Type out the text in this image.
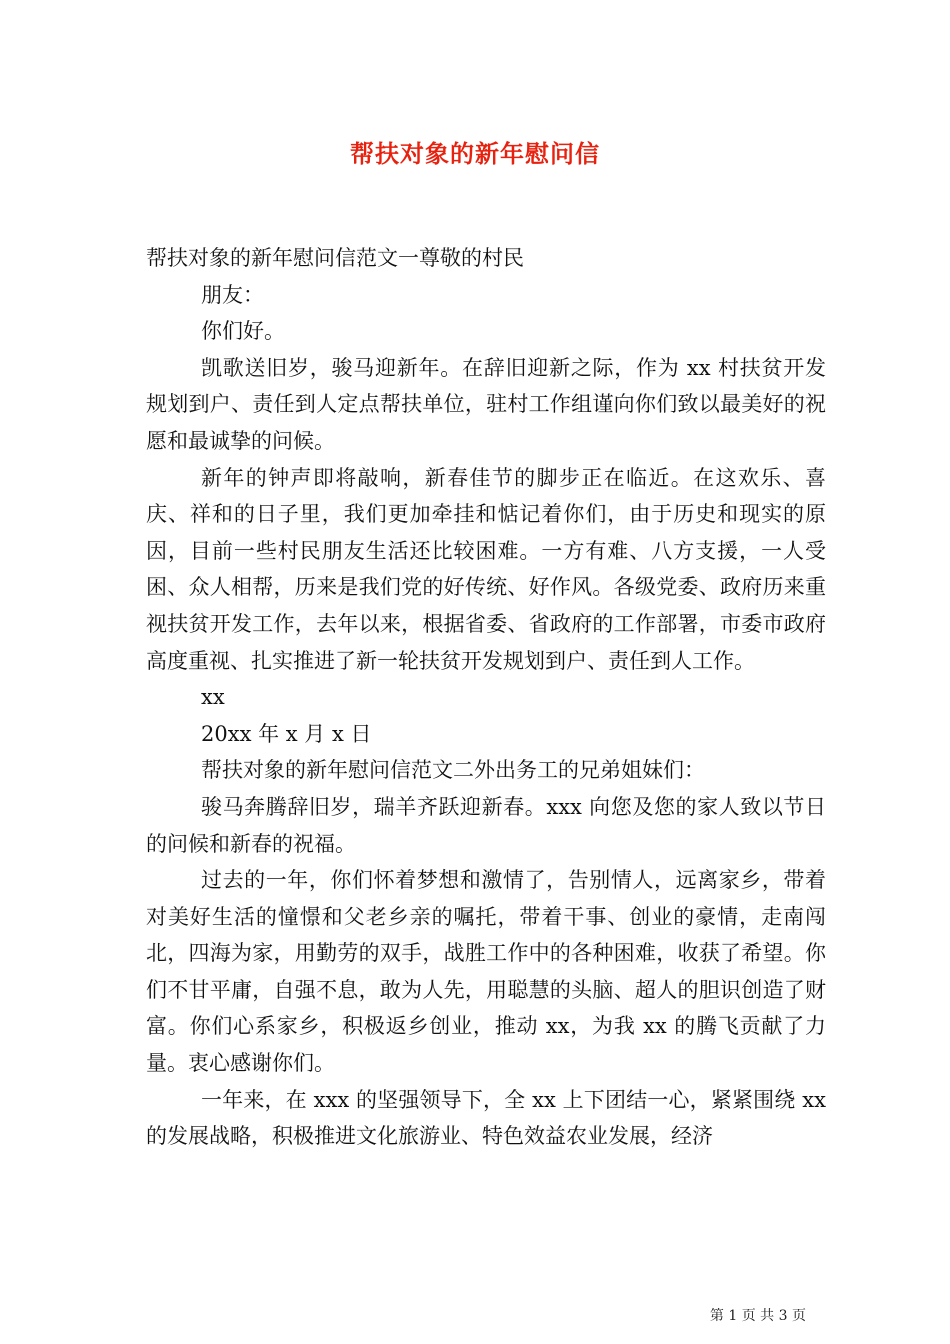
帮扶对象的新年慰问信

帮扶对象的新年慰问信范文一尊敬的村民

朋友：

你们好。

凯歌送旧岁，骏马迎新年。在辞旧迎新之际，作为 xx 村扶贫开发规划到户、责任到人定点帮扶单位，驻村工作组谨向你们致以最美好的祝愿和最诚挚的问候。

新年的钟声即将敲响，新春佳节的脚步正在临近。在这欢乐、喜庆、祥和的日子里，我们更加牵挂和惦记着你们，由于历史和现实的原因，目前一些村民朋友生活还比较困难。一方有难、八方支援，一人受困、众人相帮，历来是我们党的好传统、好作风。各级党委、政府历来重视扶贫开发工作，去年以来，根据省委、省政府的工作部署，市委市政府高度重视、扎实推进了新一轮扶贫开发规划到户、责任到人工作。

xx

20xx 年 x 月 x 日

帮扶对象的新年慰问信范文二外出务工的兄弟姐妹们：

骏马奔腾辞旧岁，瑞羊齐跃迎新春。xxx 向您及您的家人致以节日的问候和新春的祝福。

过去的一年，你们怀着梦想和激情了，告别情人，远离家乡，带着对美好生活的憧憬和父老乡亲的嘱托，带着干事、创业的豪情，走南闯北，四海为家，用勤劳的双手，战胜工作中的各种困难，收获了希望。你们不甘平庸，自强不息，敢为人先，用聪慧的头脑、超人的胆识创造了财富。你们心系家乡，积极返乡创业，推动 xx，为我 xx 的腾飞贡献了力量。衷心感谢你们。

一年来，在 xxx 的坚强领导下，全 xx 上下团结一心，紧紧围绕 xx 的发展战略，积极推进文化旅游业、特色效益农业发展，经济

第 1 页 共 3 页
